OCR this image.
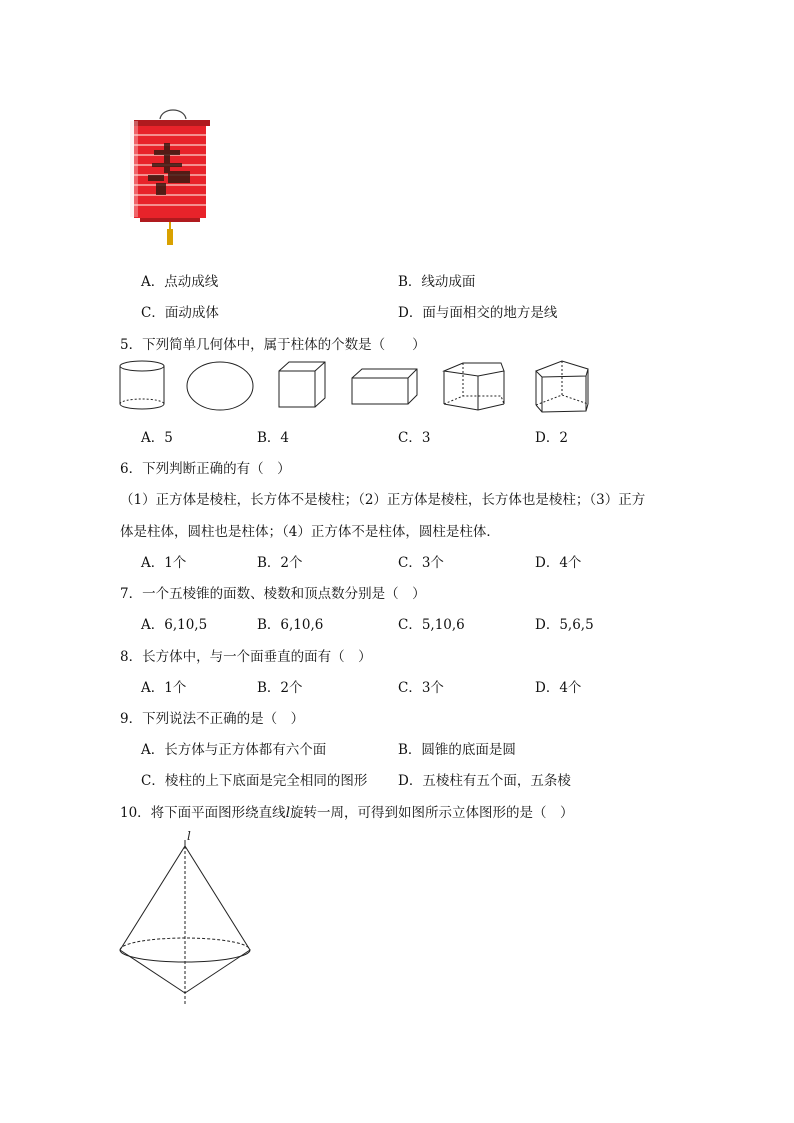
A．点动成线	B．线动成面
C．面动成体	D．面与面相交的地方是线
5．下列简单几何体中，属于柱体的个数是（　　）
A．5	B．4	C．3	D．2
6．下列判断正确的有（　）
（1）正方体是棱柱，长方体不是棱柱；（2）正方体是棱柱，长方体也是棱柱；（3）正方
体是柱体，圆柱也是柱体；（4）正方体不是柱体，圆柱是柱体．
A．1个	B．2个	C．3个	D．4个
7．一个五棱锥的面数、棱数和顶点数分别是（　）
A．6,10,5	B．6,10,6	C．5,10,6	D．5,6,5
8．长方体中，与一个面垂直的面有（　）
A．1个	B．2个	C．3个	D．4个
9．下列说法不正确的是（　）
A．长方体与正方体都有六个面	B．圆锥的底面是圆
C．棱柱的上下底面是完全相同的图形 D．五棱柱有五个面，五条棱
10．将下面平面图形绕直线l旋转一周，可得到如图所示立体图形的是（　）
l
